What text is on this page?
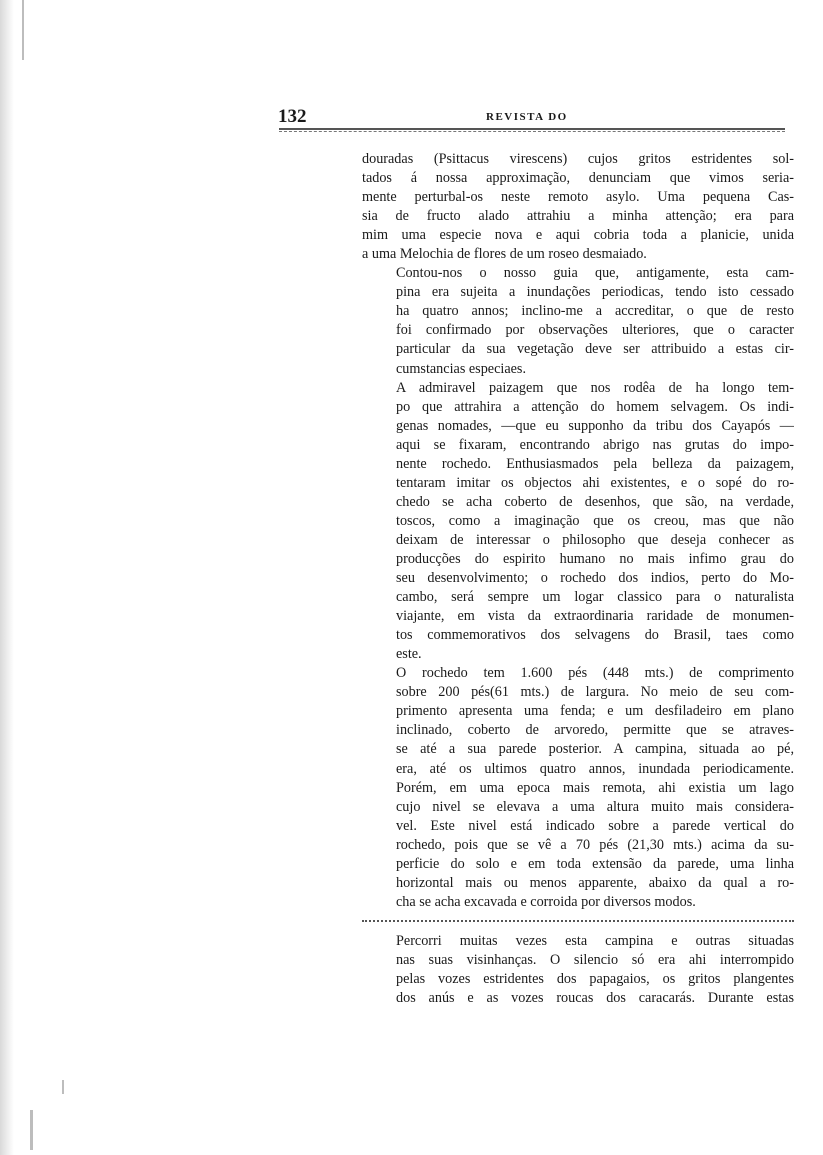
132	REVISTA DO
douradas (Psittacus virescens) cujos gritos estridentes sol-
tados á nossa approximação, denunciam que vimos seria-
mente perturbal-os neste remoto asylo. Uma pequena Cas-
sia de fructo alado attrahiu a minha attenção; era para
mim uma especie nova e aqui cobria toda a planicie, unida
a uma Melochia de flores de um roseo desmaiado.
Contou-nos o nosso guia que, antigamente, esta cam-
pina era sujeita a inundações periodicas, tendo isto cessado
ha quatro annos; inclino-me a accreditar, o que de resto
foi confirmado por observações ulteriores, que o caracter
particular da sua vegetação deve ser attribuido a estas cir-
cumstancias especiaes.
A admiravel paizagem que nos rodêa de ha longo tem-
po que attrahira a attenção do homem selvagem. Os indi-
genas nomades, —que eu supponho da tribu dos Cayapós —
aqui se fixaram, encontrando abrigo nas grutas do impo-
nente rochedo. Enthusiasmados pela belleza da paizagem,
tentaram imitar os objectos ahi existentes, e o sopé do ro-
chedo se acha coberto de desenhos, que são, na verdade,
toscos, como a imaginação que os creou, mas que não
deixam de interessar o philosopho que deseja conhecer as
producções do espirito humano no mais infimo grau do
seu desenvolvimento; o rochedo dos indios, perto do Mo-
cambo, será sempre um logar classico para o naturalista
viajante, em vista da extraordinaria raridade de monumen-
tos commemorativos dos selvagens do Brasil, taes como
este.
O rochedo tem 1.600 pés (448 mts.) de comprimento
sobre 200 pés(61 mts.) de largura. No meio de seu com-
primento apresenta uma fenda; e um desfiladeiro em plano
inclinado, coberto de arvoredo, permitte que se atraves-
se até a sua parede posterior. A campina, situada ao pé,
era, até os ultimos quatro annos, inundada periodicamente.
Porém, em uma epoca mais remota, ahi existia um lago
cujo nivel se elevava a uma altura muito mais considera-
vel. Este nivel está indicado sobre a parede vertical do
rochedo, pois que se vê a 70 pés (21,30 mts.) acima da su-
perficie do solo e em toda extensão da parede, uma linha
horizontal mais ou menos apparente, abaixo da qual a ro-
cha se acha excavada e corroida por diversos modos.
Percorri muitas vezes esta campina e outras situadas
nas suas visinhanças. O silencio só era ahi interrompido
pelas vozes estridentes dos papagaios, os gritos plangentes
dos anús e as vozes roucas dos caracarás. Durante estas
